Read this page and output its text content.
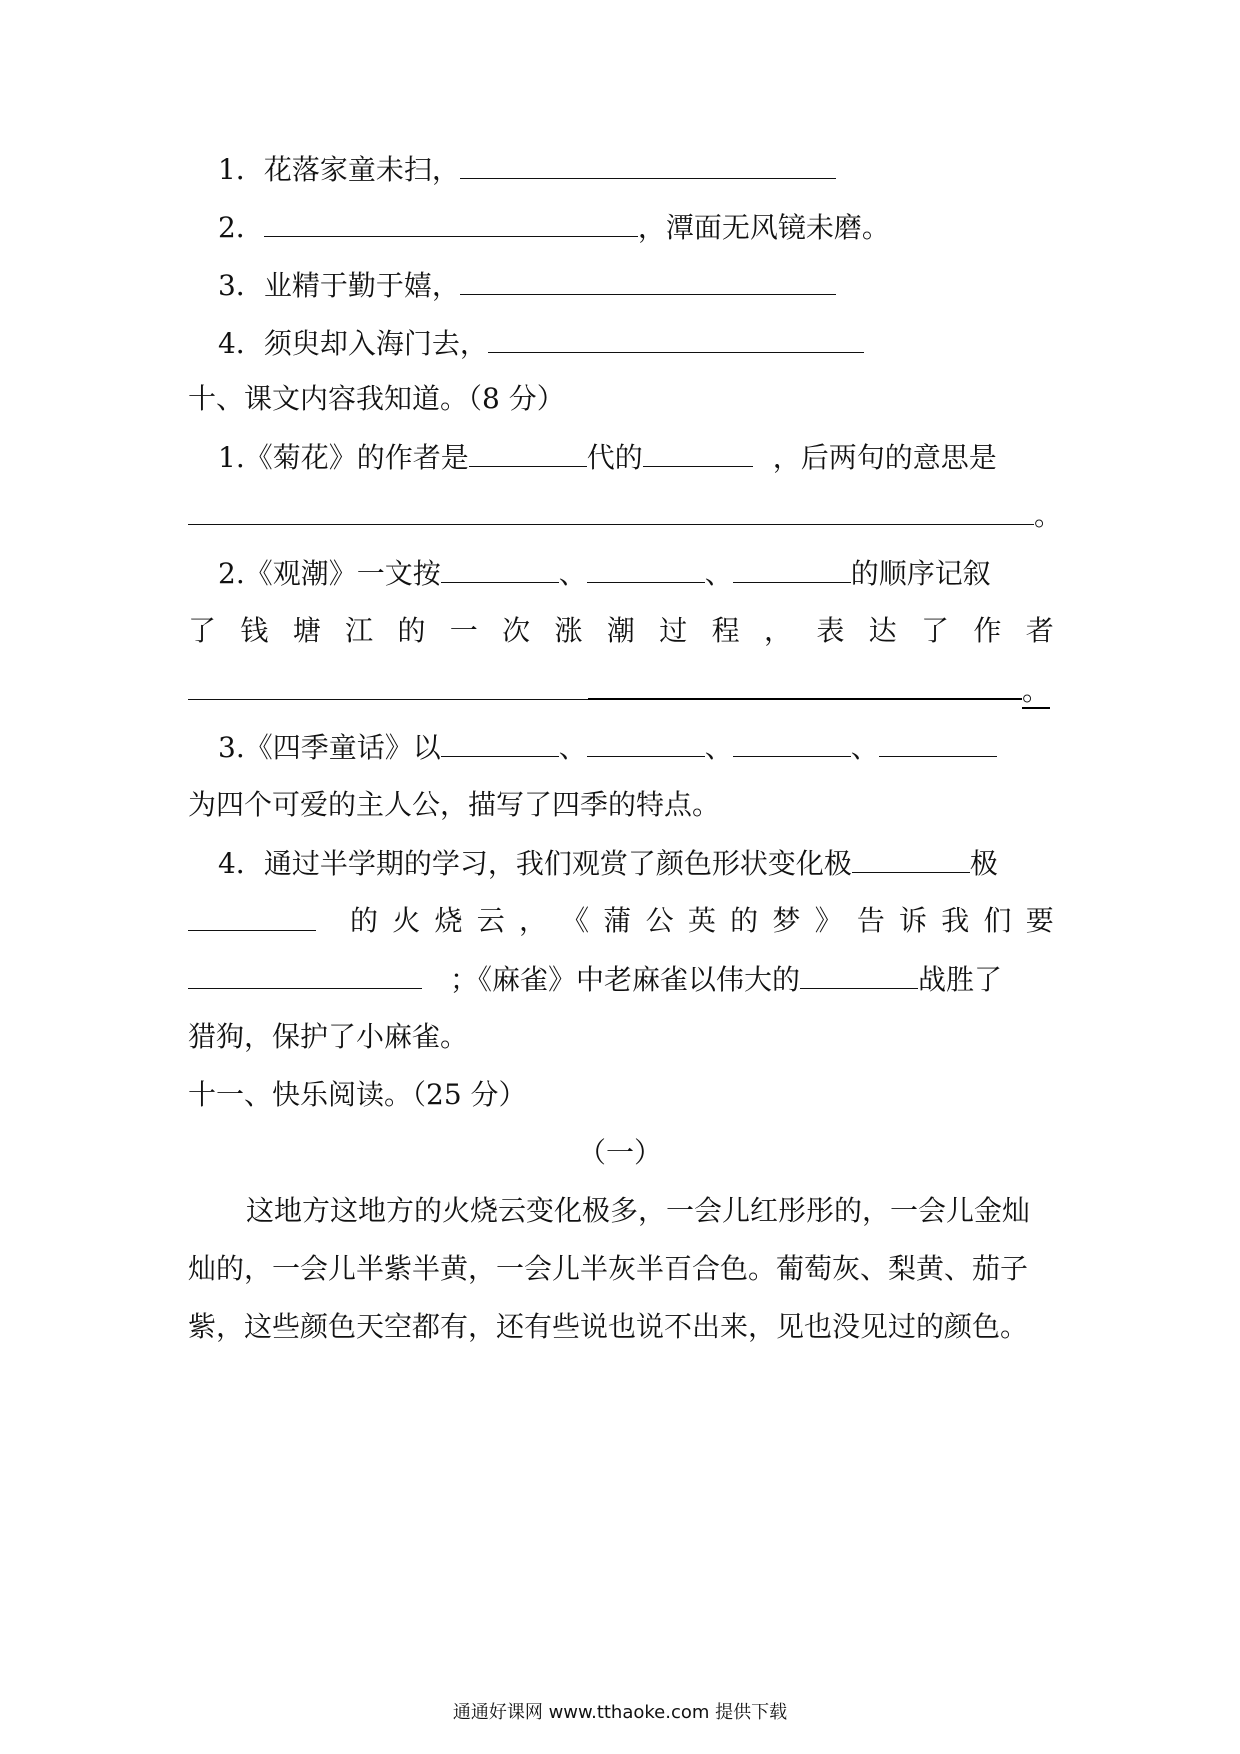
1．花落家童未扫，
2．	，潭面无风镜未磨。
3．业精于勤于嬉，
4．须臾却入海门去，
十、课文内容我知道。（8 分）
1.《菊花》的作者是	代的	，后两句的意思是
。
2.《观潮》一文按	、	、	的顺序记叙
了 钱 塘 江 的 一 次 涨 潮 过 程 ， 表 达 了 作 者
。
3.《四季童话》以	、	、	、
为四个可爱的主人公，描写了四季的特点。
4．通过半学期的学习，我们观赏了颜色形状变化极	极
的 火 烧 云 ， 《 蒲 公 英 的 梦 》 告 诉 我 们 要
；《麻雀》中老麻雀以伟大的	战胜了
猎狗，保护了小麻雀。
十一、快乐阅读。（25 分）
（一）
这地方这地方的火烧云变化极多，一会儿红彤彤的，一会儿金灿
灿的，一会儿半紫半黄，一会儿半灰半百合色。葡萄灰、梨黄、茄子
紫，这些颜色天空都有，还有些说也说不出来，见也没见过的颜色。
通通好课网 www.tthaoke.com 提供下载
